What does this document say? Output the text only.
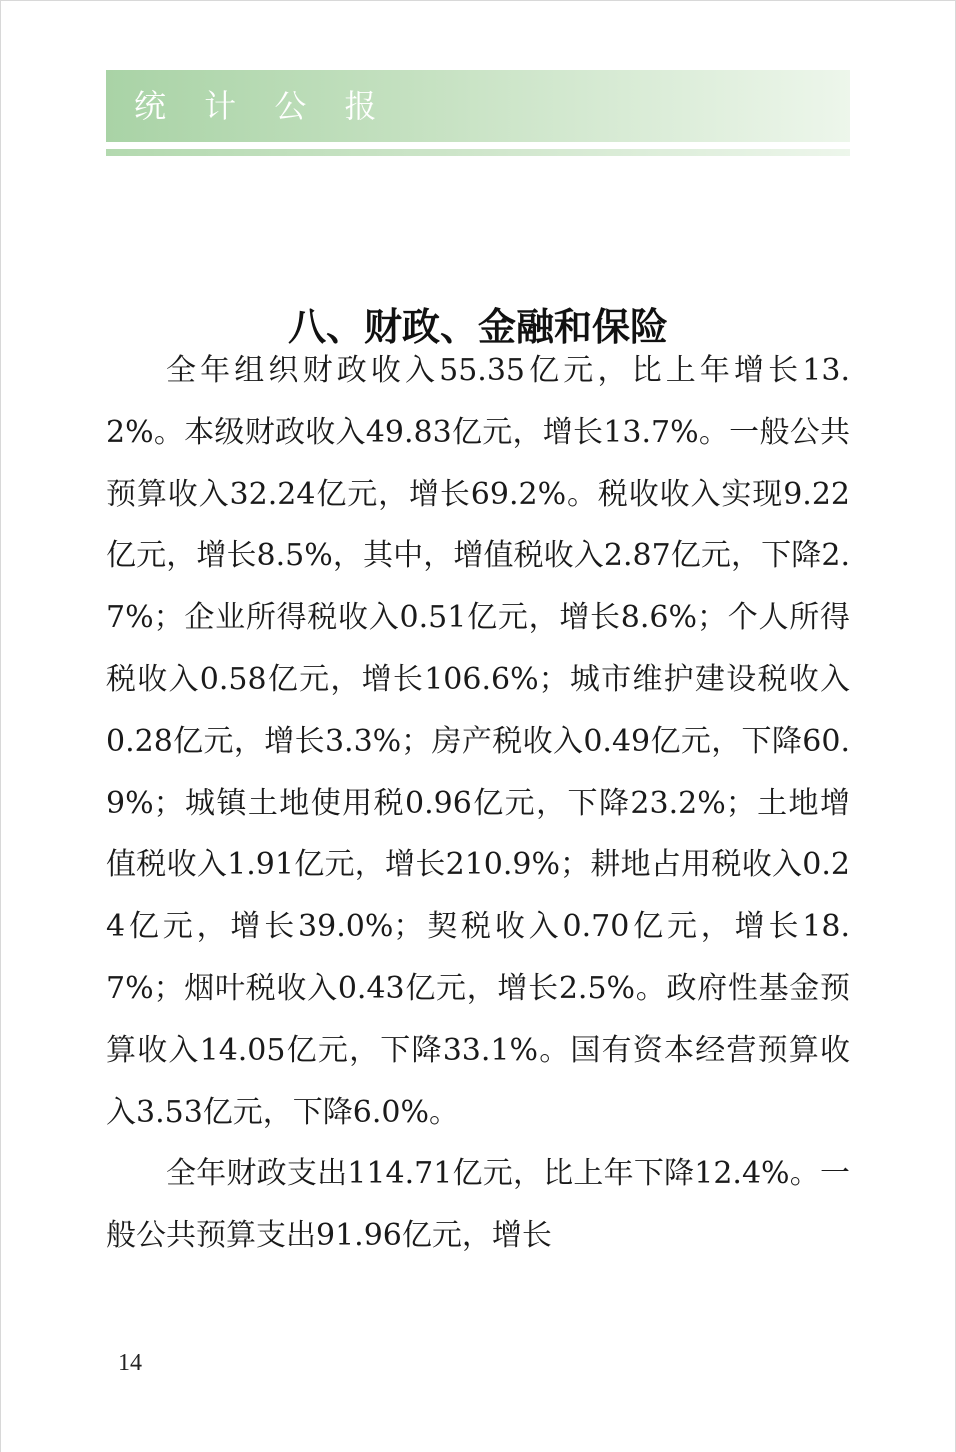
统 计 公 报
八、财政、金融和保险

全年组织财政收入55.35亿元，比上年增长13.2%。本级财政收入49.83亿元，增长13.7%。一般公共预算收入32.24亿元，增长69.2%。税收收入实现9.22亿元，增长8.5%，其中，增值税收入2.87亿元，下降2.7%；企业所得税收入0.51亿元，增长8.6%；个人所得税收入0.58亿元，增长106.6%；城市维护建设税收入0.28亿元，增长3.3%；房产税收入0.49亿元，下降60.9%；城镇土地使用税0.96亿元，下降23.2%；土地增值税收入1.91亿元，增长210.9%；耕地占用税收入0.24亿元，增长39.0%；契税收入0.70亿元，增长18.7%；烟叶税收入0.43亿元，增长2.5%。政府性基金预算收入14.05亿元，下降33.1%。国有资本经营预算收入3.53亿元，下降6.0%。

全年财政支出114.71亿元，比上年下降12.4%。一般公共预算支出91.96亿元，增长

14
